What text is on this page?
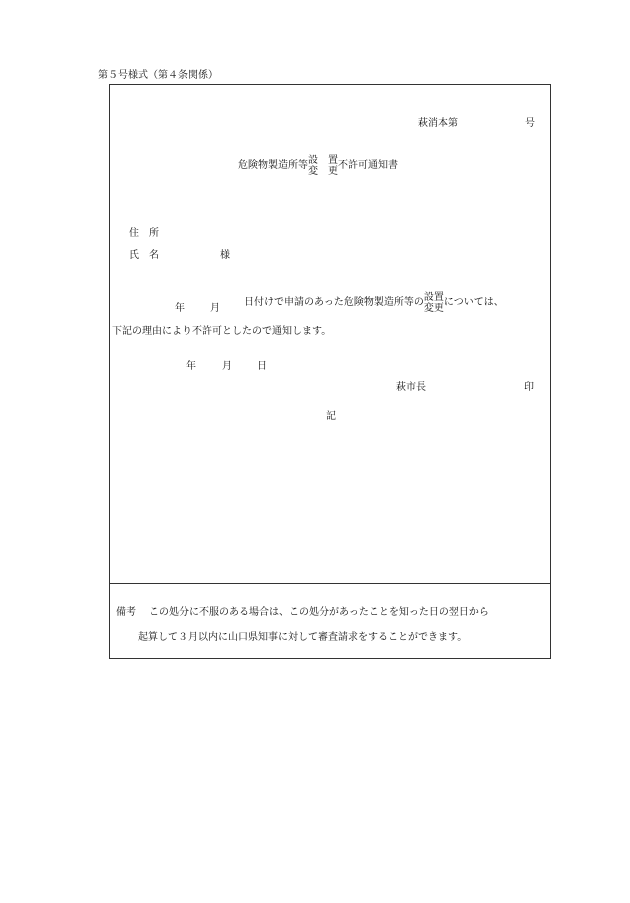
第５号様式（第４条関係）
萩消本第	号
危険物製造所等 設　置
変　更
不許可通知書
住　所
氏　名	様
年	月
日付けで申請のあった危険物製造所等の 設置
変更
については、
下記の理由により不許可としたので通知します。
年	月	日
萩市長	印
記
備考 この処分に不服のある場合は、この処分があったことを知った日の翌日から
起算して３月以内に山口県知事に対して審査請求をすることができます。
